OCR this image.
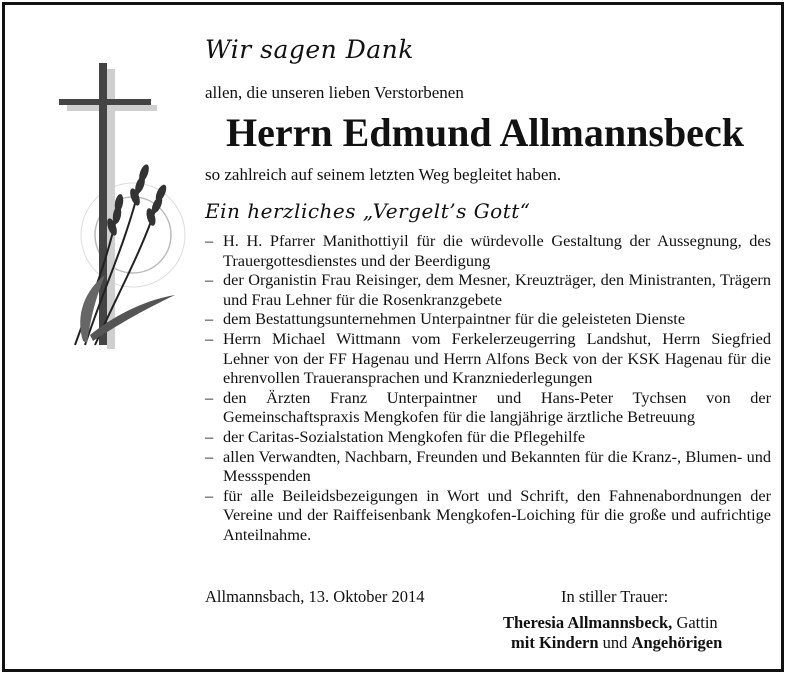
Wir sagen Dank
allen, die unseren lieben Verstorbenen
Herrn Edmund Allmannsbeck
so zahlreich auf seinem letzten Weg begleitet haben.
Ein herzliches „Vergelt’s Gott“
– H. H. Pfarrer Manithottiyil für die würdevolle Gestaltung der Aussegnung, des Trauergottesdienstes und der Beerdigung
– der Organistin Frau Reisinger, dem Mesner, Kreuzträger, den Ministranten, Trägern und Frau Lehner für die Rosenkranzgebete
– dem Bestattungsunternehmen Unterpaintner für die geleisteten Dienste
– Herrn Michael Wittmann vom Ferkelerzeugerring Landshut, Herrn Siegfried Lehner von der FF Hagenau und Herrn Alfons Beck von der KSK Hagenau für die ehrenvollen Traueransprachen und Kranzniederlegungen
– den Ärzten Franz Unterpaintner und Hans-Peter Tychsen von der Gemeinschaftspraxis Mengkofen für die langjährige ärztliche Betreuung
– der Caritas-Sozialstation Mengkofen für die Pflegehilfe
– allen Verwandten, Nachbarn, Freunden und Bekannten für die Kranz-, Blumen- und Messspenden
– für alle Beileidsbezeigungen in Wort und Schrift, den Fahnenabordnungen der Vereine und der Raiffeisenbank Mengkofen-Loiching für die große und aufrichtige Anteilnahme.
Allmannsbach, 13. Oktober 2014	In stiller Trauer:
Theresia Allmannsbeck, Gattin
mit Kindern und Angehörigen
